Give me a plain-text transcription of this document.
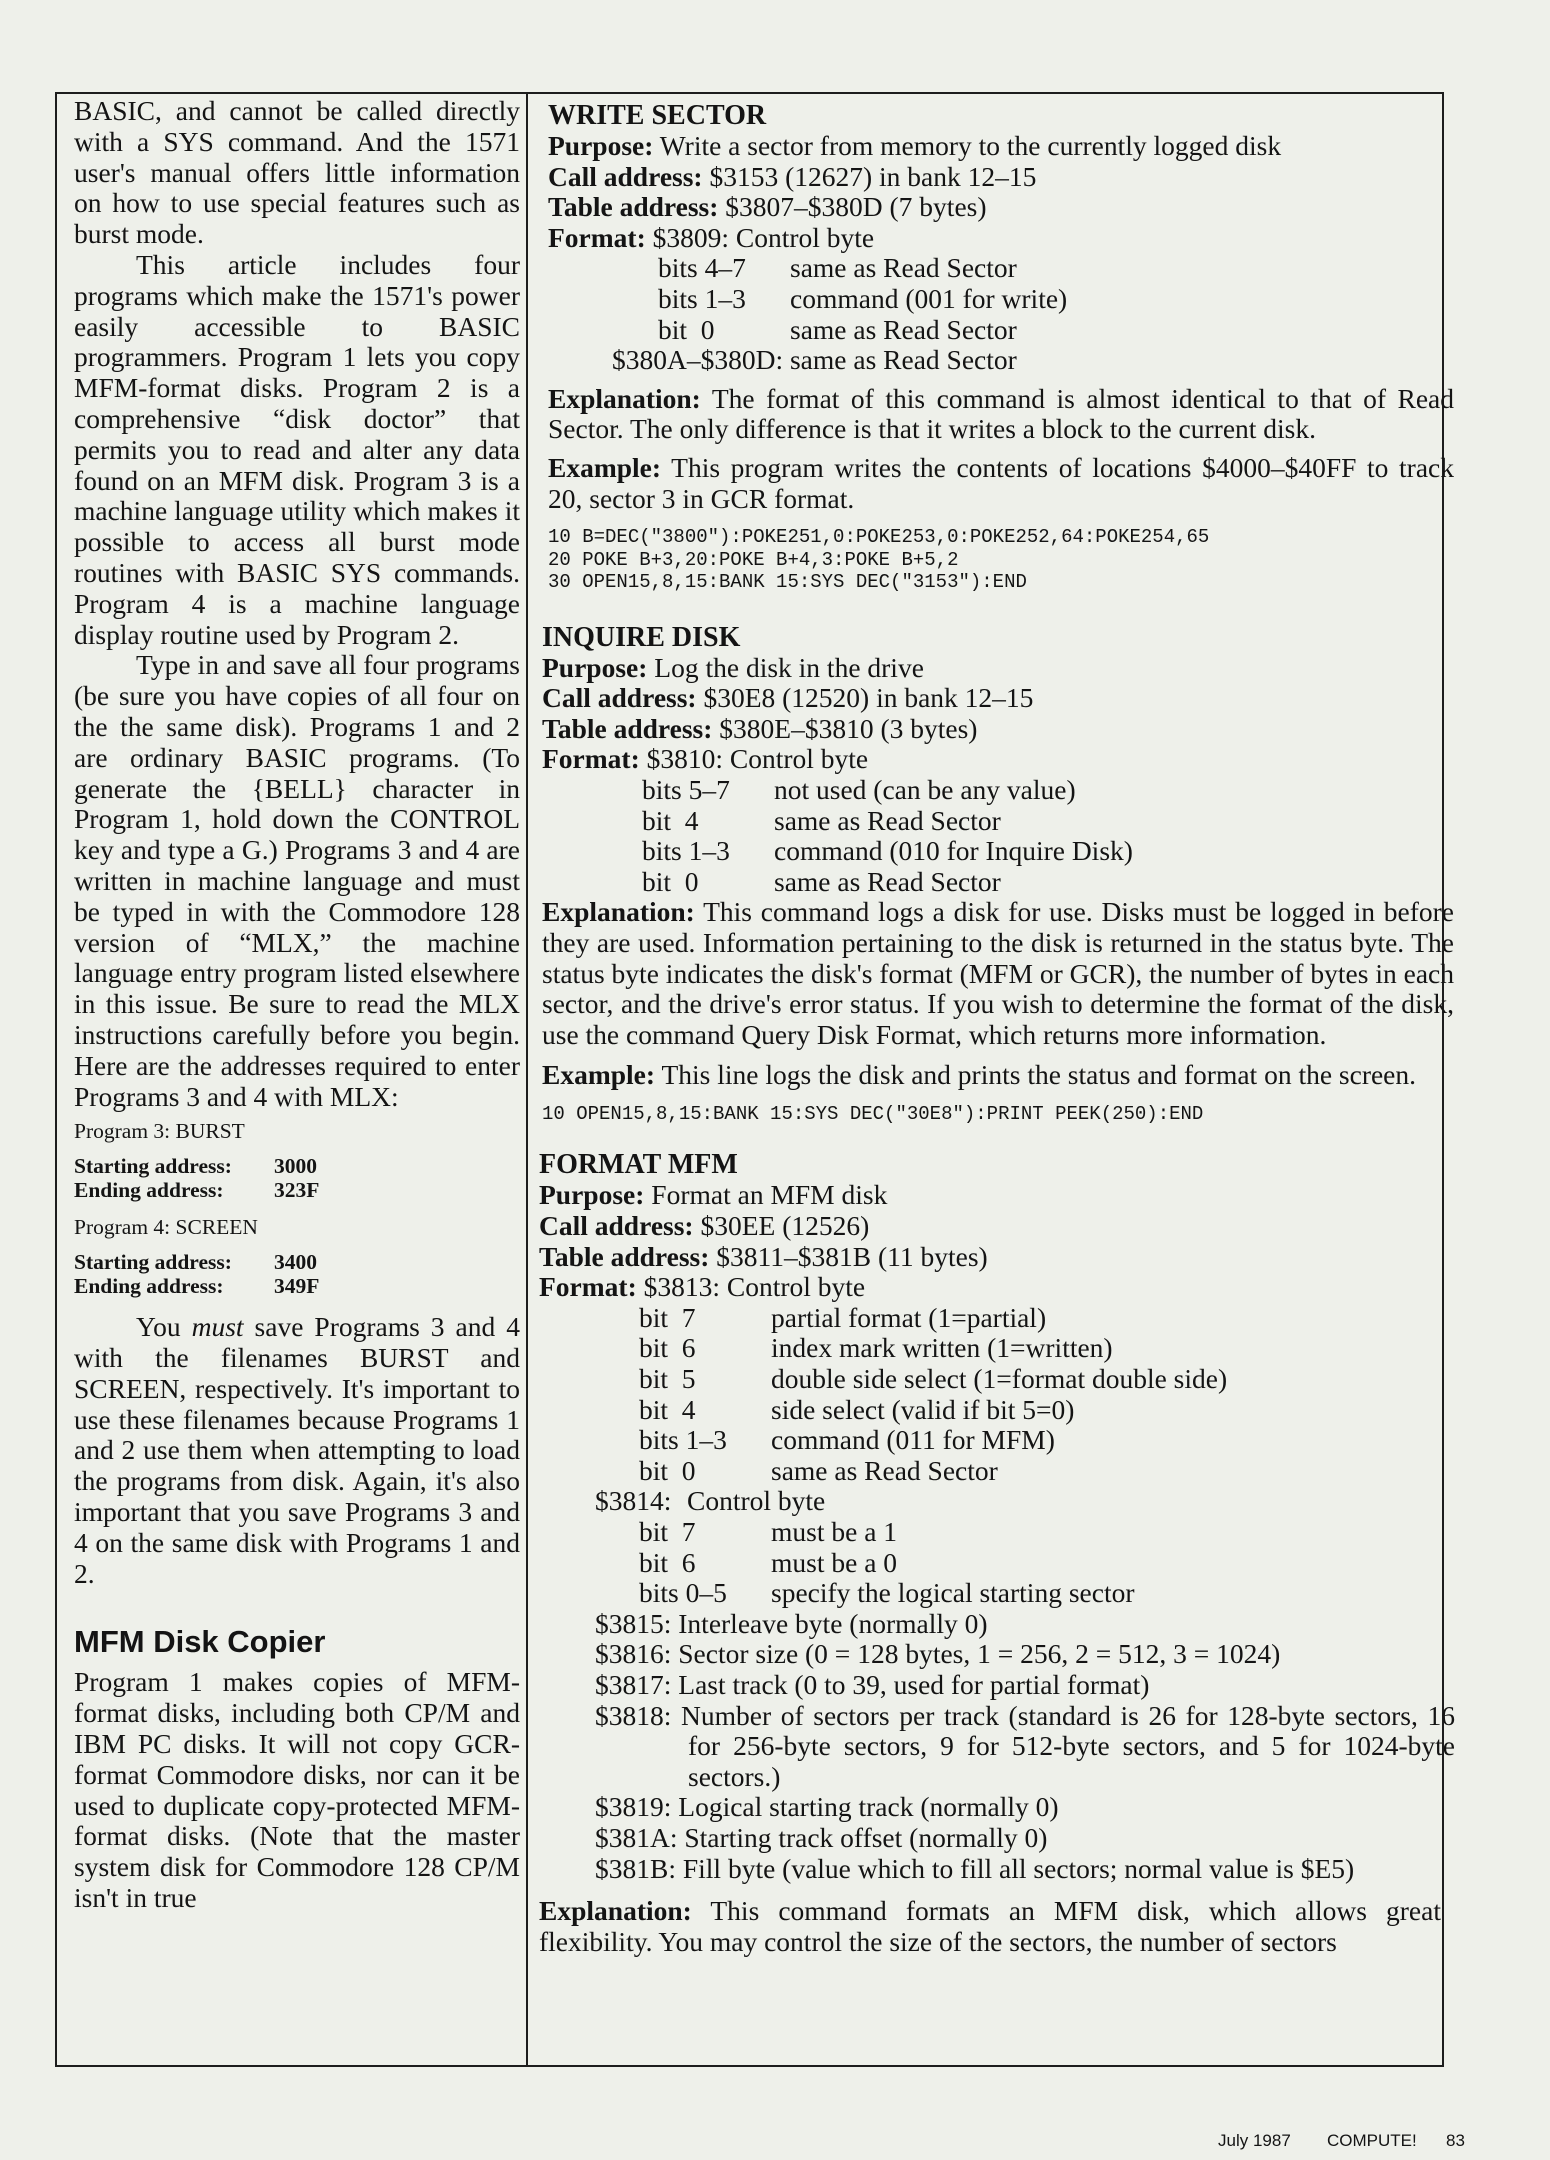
BASIC, and cannot be called directly with a SYS command. And the 1571 user's manual offers little information on how to use special features such as burst mode.

This article includes four programs which make the 1571's power easily accessible to BASIC programmers. Program 1 lets you copy MFM-format disks. Program 2 is a comprehensive “disk doctor” that permits you to read and alter any data found on an MFM disk. Program 3 is a machine language utility which makes it possible to access all burst mode routines with BASIC SYS commands. Program 4 is a machine language display routine used by Program 2.

Type in and save all four programs (be sure you have copies of all four on the the same disk). Programs 1 and 2 are ordinary BASIC programs. (To generate the {BELL} character in Program 1, hold down the CONTROL key and type a G.) Programs 3 and 4 are written in machine language and must be typed in with the Commodore 128 version of “MLX,” the machine language entry program listed elsewhere in this issue. Be sure to read the MLX instructions carefully before you begin. Here are the addresses required to enter Programs 3 and 4 with MLX:

Program 3: BURST
Starting address: 3000
Ending address: 323F
Program 4: SCREEN
Starting address: 3400
Ending address: 349F

You must save Programs 3 and 4 with the filenames BURST and SCREEN, respectively. It's important to use these filenames because Programs 1 and 2 use them when attempting to load the programs from disk. Again, it's also important that you save Programs 3 and 4 on the same disk with Programs 1 and 2.

MFM Disk Copier

Program 1 makes copies of MFM-format disks, including both CP/M and IBM PC disks. It will not copy GCR-format Commodore disks, nor can it be used to duplicate copy-protected MFM-format disks. (Note that the master system disk for Commodore 128 CP/M isn't in true

WRITE SECTOR
Purpose: Write a sector from memory to the currently logged disk
Call address: $3153 (12627) in bank 12–15
Table address: $3807–$380D (7 bytes)
Format: $3809: Control byte
bits 4–7 same as Read Sector
bits 1–3 command (001 for write)
bit  0	same as Read Sector
$380A–$380D: same as Read Sector

Explanation: The format of this command is almost identical to that of Read Sector. The only difference is that it writes a block to the current disk.

Example: This program writes the contents of locations $4000–$40FF to track 20, sector 3 in GCR format.

10 B=DEC("3800"):POKE251,0:POKE253,0:POKE252,64:POKE254,65
20 POKE B+3,20:POKE B+4,3:POKE B+5,2
30 OPEN15,8,15:BANK 15:SYS DEC("3153"):END
INQUIRE DISK
Purpose: Log the disk in the drive
Call address: $30E8 (12520) in bank 12–15
Table address: $380E–$3810 (3 bytes)
Format: $3810: Control byte
bits 5–7 not used (can be any value)
bit  4	same as Read Sector
bits 1–3 command (010 for Inquire Disk)
bit  0	same as Read Sector

Explanation: This command logs a disk for use. Disks must be logged in before they are used. Information pertaining to the disk is returned in the status byte. The status byte indicates the disk's format (MFM or GCR), the number of bytes in each sector, and the drive's error status. If you wish to determine the format of the disk, use the command Query Disk Format, which returns more information.

Example: This line logs the disk and prints the status and format on the screen.

10 OPEN15,8,15:BANK 15:SYS DEC("30E8"):PRINT PEEK(250):END
FORMAT MFM
Purpose: Format an MFM disk
Call address: $30EE (12526)
Table address: $3811–$381B (11 bytes)
Format: $3813: Control byte
bit  7	partial format (1=partial)
bit  6	index mark written (1=written)
bit  5	double side select (1=format double side)
bit  4	side select (valid if bit 5=0)
bits 1–3 command (011 for MFM)
bit  0	same as Read Sector
$3814: Control byte
bit  7	must be a 1
bit  6	must be a 0
bits 0–5 specify the logical starting sector
$3815: Interleave byte (normally 0)
$3816: Sector size (0 = 128 bytes, 1 = 256, 2 = 512, 3 = 1024)
$3817: Last track (0 to 39, used for partial format)
$3818: Number of sectors per track (standard is 26 for 128-byte sectors, 16 for 256-byte sectors, 9 for 512-byte sectors, and 5 for 1024-byte sectors.)
$3819: Logical starting track (normally 0)
$381A: Starting track offset (normally 0)
$381B: Fill byte (value which to fill all sectors; normal value is $E5)

Explanation: This command formats an MFM disk, which allows great flexibility. You may control the size of the sectors, the number of sectors

July 1987 COMPUTE! 83
